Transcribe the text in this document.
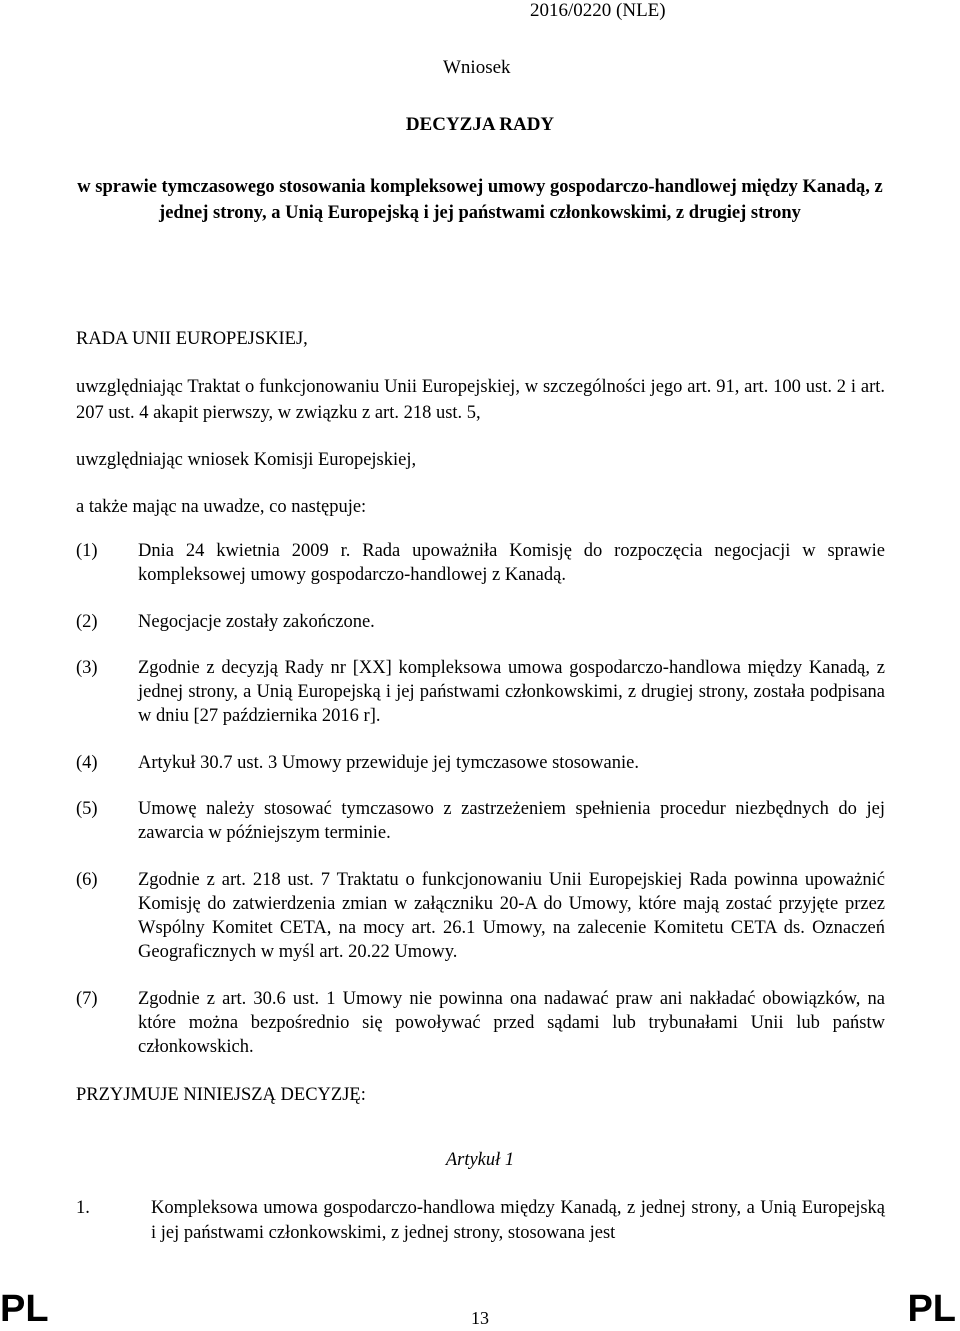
2016/0220 (NLE)
Wniosek
DECYZJA RADY
w sprawie tymczasowego stosowania kompleksowej umowy gospodarczo-handlowej między Kanadą, z jednej strony, a Unią Europejską i jej państwami członkowskimi, z drugiej strony
RADA UNII EUROPEJSKIEJ,
uwzględniając Traktat o funkcjonowaniu Unii Europejskiej, w szczególności jego art. 91, art. 100 ust. 2 i art. 207 ust. 4 akapit pierwszy, w związku z art. 218 ust. 5,
uwzględniając wniosek Komisji Europejskiej,
a także mając na uwadze, co następuje:
(1) Dnia 24 kwietnia 2009 r. Rada upoważniła Komisję do rozpoczęcia negocjacji w sprawie kompleksowej umowy gospodarczo-handlowej z Kanadą.
(2) Negocjacje zostały zakończone.
(3) Zgodnie z decyzją Rady nr [XX] kompleksowa umowa gospodarczo-handlowa między Kanadą, z jednej strony, a Unią Europejską i jej państwami członkowskimi, z drugiej strony, została podpisana w dniu [27 października 2016 r].
(4) Artykuł 30.7 ust. 3 Umowy przewiduje jej tymczasowe stosowanie.
(5) Umowę należy stosować tymczasowo z zastrzeżeniem spełnienia procedur niezbędnych do jej zawarcia w późniejszym terminie.
(6) Zgodnie z art. 218 ust. 7 Traktatu o funkcjonowaniu Unii Europejskiej Rada powinna upoważnić Komisję do zatwierdzenia zmian w załączniku 20-A do Umowy, które mają zostać przyjęte przez Wspólny Komitet CETA, na mocy art. 26.1 Umowy, na zalecenie Komitetu CETA ds. Oznaczeń Geograficznych w myśl art. 20.22 Umowy.
(7) Zgodnie z art. 30.6 ust. 1 Umowy nie powinna ona nadawać praw ani nakładać obowiązków, na które można bezpośrednio się powoływać przed sądami lub trybunałami Unii lub państw członkowskich.
PRZYJMUJE NINIEJSZĄ DECYZJĘ:
Artykuł 1
1.	Kompleksowa umowa gospodarczo-handlowa między Kanadą, z jednej strony, a Unią Europejską i jej państwami członkowskimi, z jednej strony, stosowana jest
PL	13	PL
